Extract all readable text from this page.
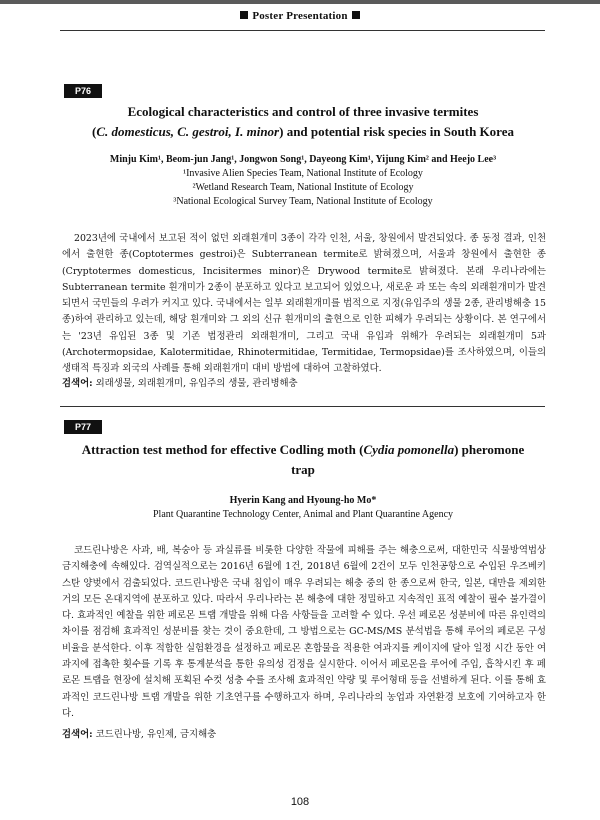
Poster Presentation
P76
Ecological characteristics and control of three invasive termites
(C. domesticus, C. gestroi, I. minor) and potential risk species in South Korea
Minju Kim¹, Beom-jun Jang¹, Jongwon Song¹, Dayeong Kim¹, Yijung Kim² and Heejo Lee³
¹Invasive Alien Species Team, National Institute of Ecology
²Wetland Research Team, National Institute of Ecology
³National Ecological Survey Team, National Institute of Ecology

2023년에 국내에서 보고된 적이 없던 외래흰개미 3종이 각각 인천, 서울, 창원에서 발견되었다. 종 동정 결과, 인천에서 출현한 종(Coptotermes gestroi)은 Subterranean termite로 밝혀졌으며, 서울과 창원에서 출현한 종(Cryptotermes domesticus, Incisitermes minor)은 Drywood termite로 밝혀졌다. 본래 우리나라에는 Subterranean termite 흰개미가 2종이 분포하고 있다고 보고되어 있었으나, 새로운 과 또는 속의 외래흰개미가 발견되면서 국민들의 우려가 커지고 있다. 국내에서는 일부 외래흰개미를 법적으로 지정(유입주의 생물 2종, 관리병해충 15종)하여 관리하고 있는데, 해당 흰개미와 그 외의 신규 흰개미의 출현으로 인한 피해가 우려되는 상황이다. 본 연구에서는 '23년 유입된 3종 및 기존 법정관리 외래흰개미, 그리고 국내 유입과 위해가 우려되는 외래흰개미 5과(Archotermopsidae, Kalotermitidae, Rhinotermitidae, Termitidae, Termopsidae)를 조사하였으며, 이들의 생태적 특징과 외국의 사례를 통해 외래흰개미 대비 방법에 대하여 고찰하였다.

검색어: 외래생물, 외래흰개미, 유입주의 생물, 관리병해충
P77
Attraction test method for effective Codling moth (Cydia pomonella) pheromone
trap
Hyerin Kang and Hyoung-ho Mo*
Plant Quarantine Technology Center, Animal and Plant Quarantine Agency

코드린나방은 사과, 배, 복숭아 등 과실류를 비롯한 다양한 작물에 피해를 주는 해충으로써, 대한민국 식물방역법상 금지해충에 속해있다. 검역실적으로는 2016년 6월에 1건, 2018년 6월에 2건이 모두 인천공항으로 수입된 우즈베키스탄 양벚에서 검출되었다. 코드린나방은 국내 침입이 매우 우려되는 해충 중의 한 종으로써 한국, 일본, 대만을 제외한 거의 모든 온대지역에 분포하고 있다. 따라서 우리나라는 본 해충에 대한 정밀하고 지속적인 표적 예찰이 필수 불가결이다. 효과적인 예찰을 위한 페로몬 트랩 개발을 위해 다음 사항들을 고려할 수 있다. 우선 페로몬 성분비에 따른 유인력의 차이를 점검해 효과적인 성분비를 찾는 것이 중요한데, 그 방법으로는 GC-MS/MS 분석법을 통해 루어의 페로몬 구성비율을 분석한다. 이후 적합한 실험환경을 설정하고 페로몬 혼합물을 적용한 여과지를 케이지에 달아 일정 시간 동안 여과지에 접촉한 횟수를 기록 후 통계분석을 통한 유의성 검정을 실시한다. 이어서 페로몬을 루어에 주입, 흡착시킨 후 페로몬 트랩을 현장에 설치해 포획된 수컷 성충 수를 조사해 효과적인 약량 및 루어형태 등을 선별하게 된다. 이를 통해 효과적인 코드린나방 트랩 개발을 위한 기초연구를 수행하고자 하며, 우리나라의 농업과 자연환경 보호에 기여하고자 한다.

검색어: 코드린나방, 유인제, 금지해충
108
